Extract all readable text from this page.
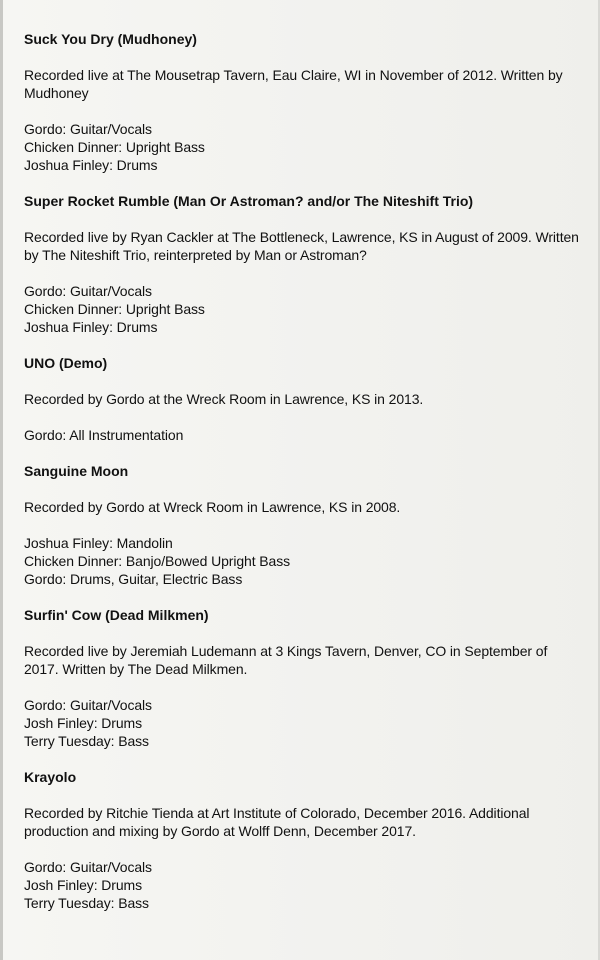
Suck You Dry (Mudhoney)
Recorded live at The Mousetrap Tavern, Eau Claire, WI in November of 2012. Written by Mudhoney
Gordo: Guitar/Vocals
Chicken Dinner: Upright Bass
Joshua Finley: Drums
Super Rocket Rumble (Man Or Astroman? and/or The Niteshift Trio)
Recorded live by Ryan Cackler at The Bottleneck, Lawrence, KS in August of 2009. Written by The Niteshift Trio, reinterpreted by Man or Astroman?
Gordo: Guitar/Vocals
Chicken Dinner: Upright Bass
Joshua Finley: Drums
UNO (Demo)
Recorded by Gordo at the Wreck Room in Lawrence, KS in 2013.
Gordo: All Instrumentation
Sanguine Moon
Recorded by Gordo at Wreck Room in Lawrence, KS in 2008.
Joshua Finley: Mandolin
Chicken Dinner: Banjo/Bowed Upright Bass
Gordo: Drums, Guitar, Electric Bass
Surfin' Cow (Dead Milkmen)
Recorded live by Jeremiah Ludemann at 3 Kings Tavern, Denver, CO in September of 2017. Written by The Dead Milkmen.
Gordo: Guitar/Vocals
Josh Finley: Drums
Terry Tuesday: Bass
Krayolo
Recorded by Ritchie Tienda at Art Institute of Colorado, December 2016. Additional production and mixing by Gordo at Wolff Denn, December 2017.
Gordo: Guitar/Vocals
Josh Finley: Drums
Terry Tuesday: Bass
